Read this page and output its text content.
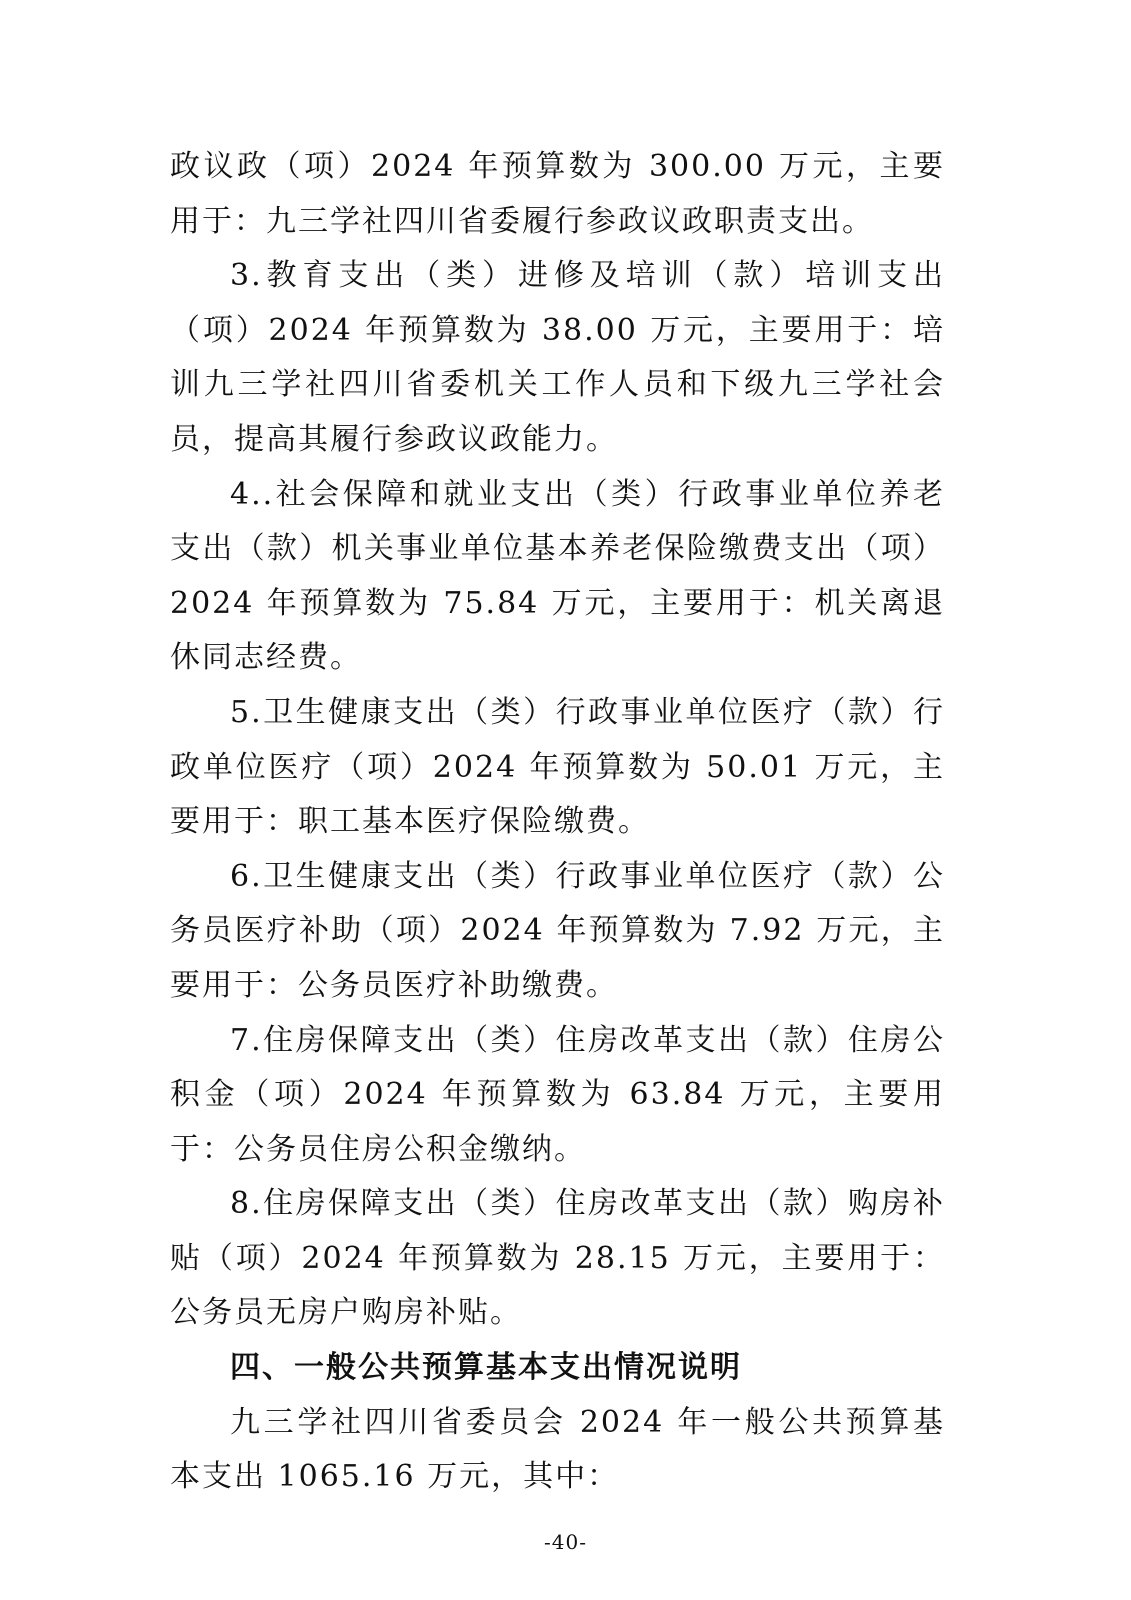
政议政（项）2024 年预算数为 300.00 万元，主要用于：九三学社四川省委履行参政议政职责支出。

3.教育支出（类）进修及培训（款）培训支出（项）2024 年预算数为 38.00 万元，主要用于：培训九三学社四川省委机关工作人员和下级九三学社会员，提高其履行参政议政能力。

4..社会保障和就业支出（类）行政事业单位养老支出（款）机关事业单位基本养老保险缴费支出（项）2024 年预算数为 75.84 万元，主要用于：机关离退休同志经费。

5.卫生健康支出（类）行政事业单位医疗（款）行政单位医疗（项）2024 年预算数为 50.01 万元，主要用于：职工基本医疗保险缴费。

6.卫生健康支出（类）行政事业单位医疗（款）公务员医疗补助（项）2024 年预算数为 7.92 万元，主要用于：公务员医疗补助缴费。

7.住房保障支出（类）住房改革支出（款）住房公积金（项）2024 年预算数为 63.84 万元，主要用于：公务员住房公积金缴纳。

8.住房保障支出（类）住房改革支出（款）购房补贴（项）2024 年预算数为 28.15 万元，主要用于：公务员无房户购房补贴。

四、一般公共预算基本支出情况说明

九三学社四川省委员会 2024 年一般公共预算基本支出 1065.16 万元，其中：

-40-
